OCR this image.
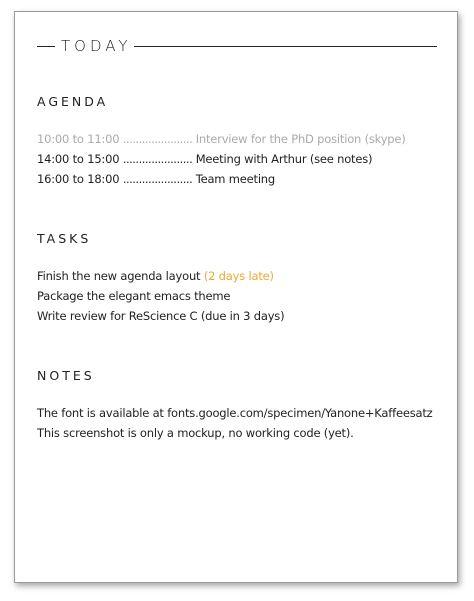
TODAY
AGENDA
10:00 to 11:00 ...................... Interview for the PhD position (skype)
14:00 to 15:00 ...................... Meeting with Arthur (see notes)
16:00 to 18:00 ...................... Team meeting
TASKS
Finish the new agenda layout (2 days late)
Package the elegant emacs theme
Write review for ReScience C (due in 3 days)
NOTES
The font is available at fonts.google.com/specimen/Yanone+Kaffeesatz
This screenshot is only a mockup, no working code (yet).
